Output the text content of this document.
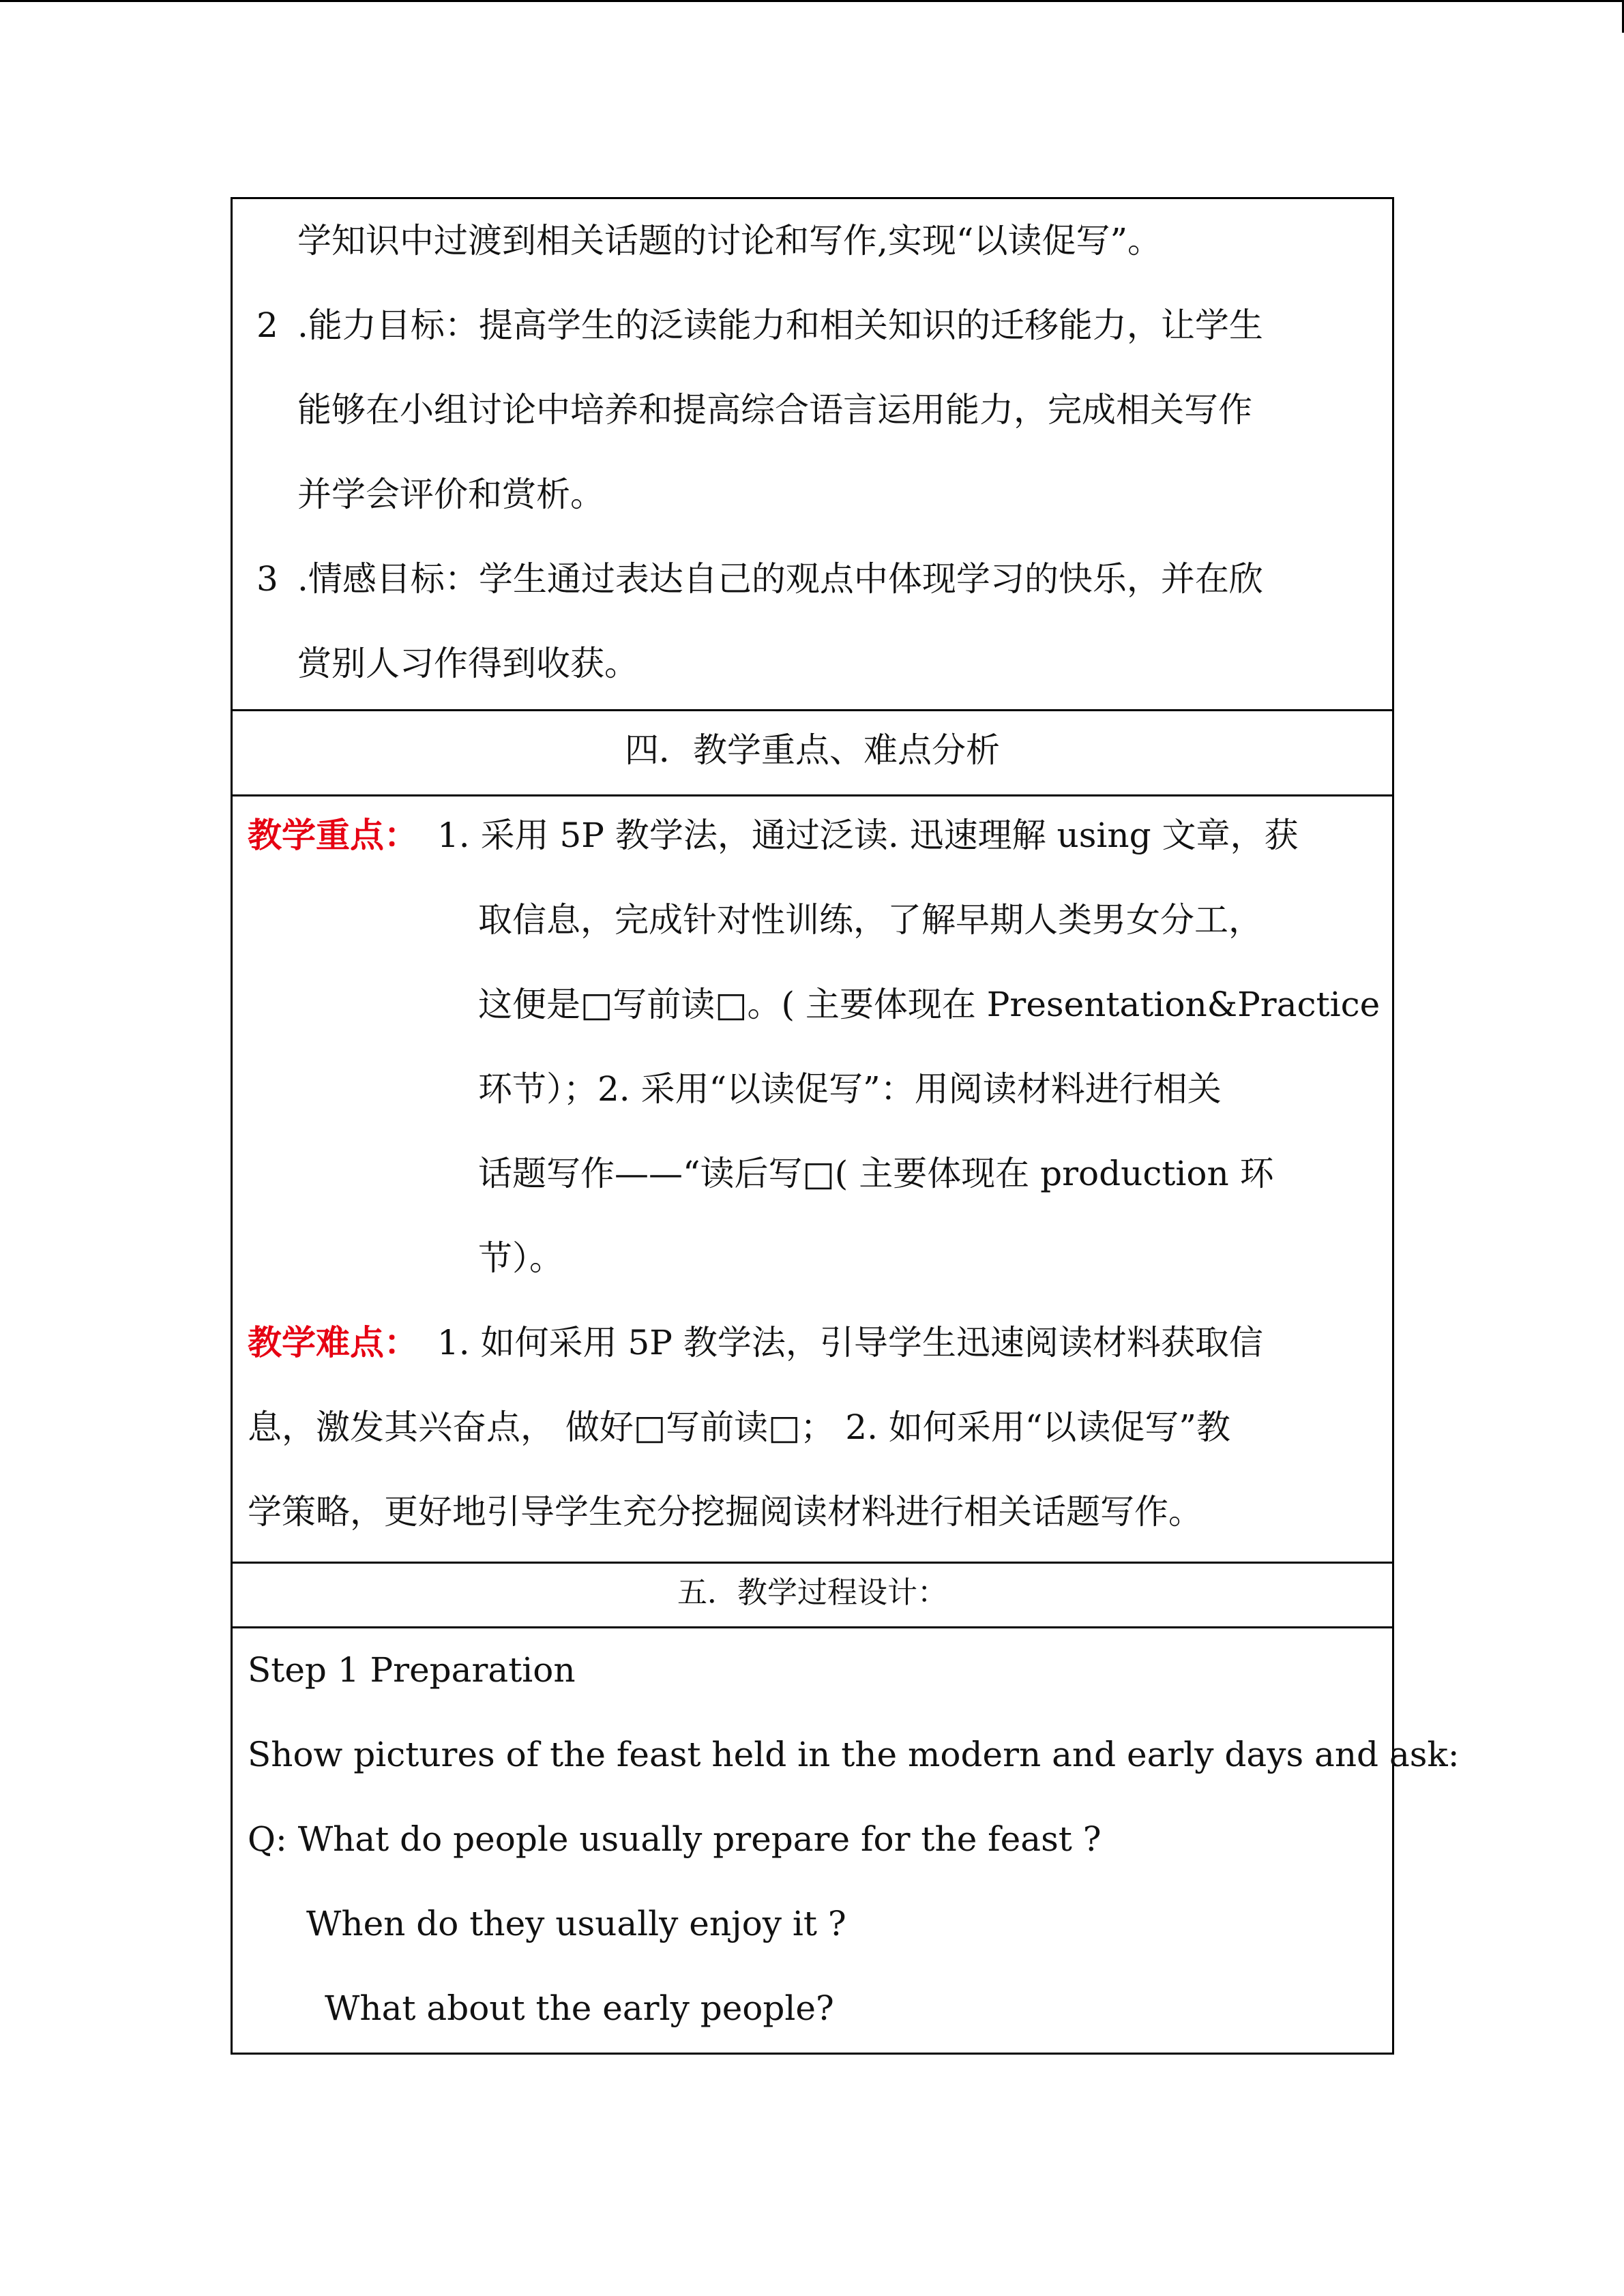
学知识中过渡到相关话题的讨论和写作,实现“以读促写”。
2 .能力目标：提高学生的泛读能力和相关知识的迁移能力，让学生
能够在小组讨论中培养和提高综合语言运用能力，完成相关写作
并学会评价和赏析。
3 .情感目标：学生通过表达自己的观点中体现学习的快乐，并在欣
赏别人习作得到收获。
四．教学重点、难点分析
教学重点： 1. 采用 5P 教学法，通过泛读. 迅速理解 using 文章，获
取信息，完成针对性训练，了解早期人类男女分工，
这便是□写前读□。( 主要体现在 Presentation&Practice
环节）；2. 采用“以读促写”：用阅读材料进行相关
话题写作——“读后写□( 主要体现在 production 环
节）。
教学难点： 1. 如何采用 5P 教学法，引导学生迅速阅读材料获取信
息，激发其兴奋点， 做好□写前读□； 2. 如何采用“以读促写”教
学策略，更好地引导学生充分挖掘阅读材料进行相关话题写作。
五．教学过程设计：
Step 1 Preparation
Show pictures of the feast held in the modern and early days and ask:
Q: What do people usually prepare for the feast ?
When do they usually enjoy it ?
What about the early people?
